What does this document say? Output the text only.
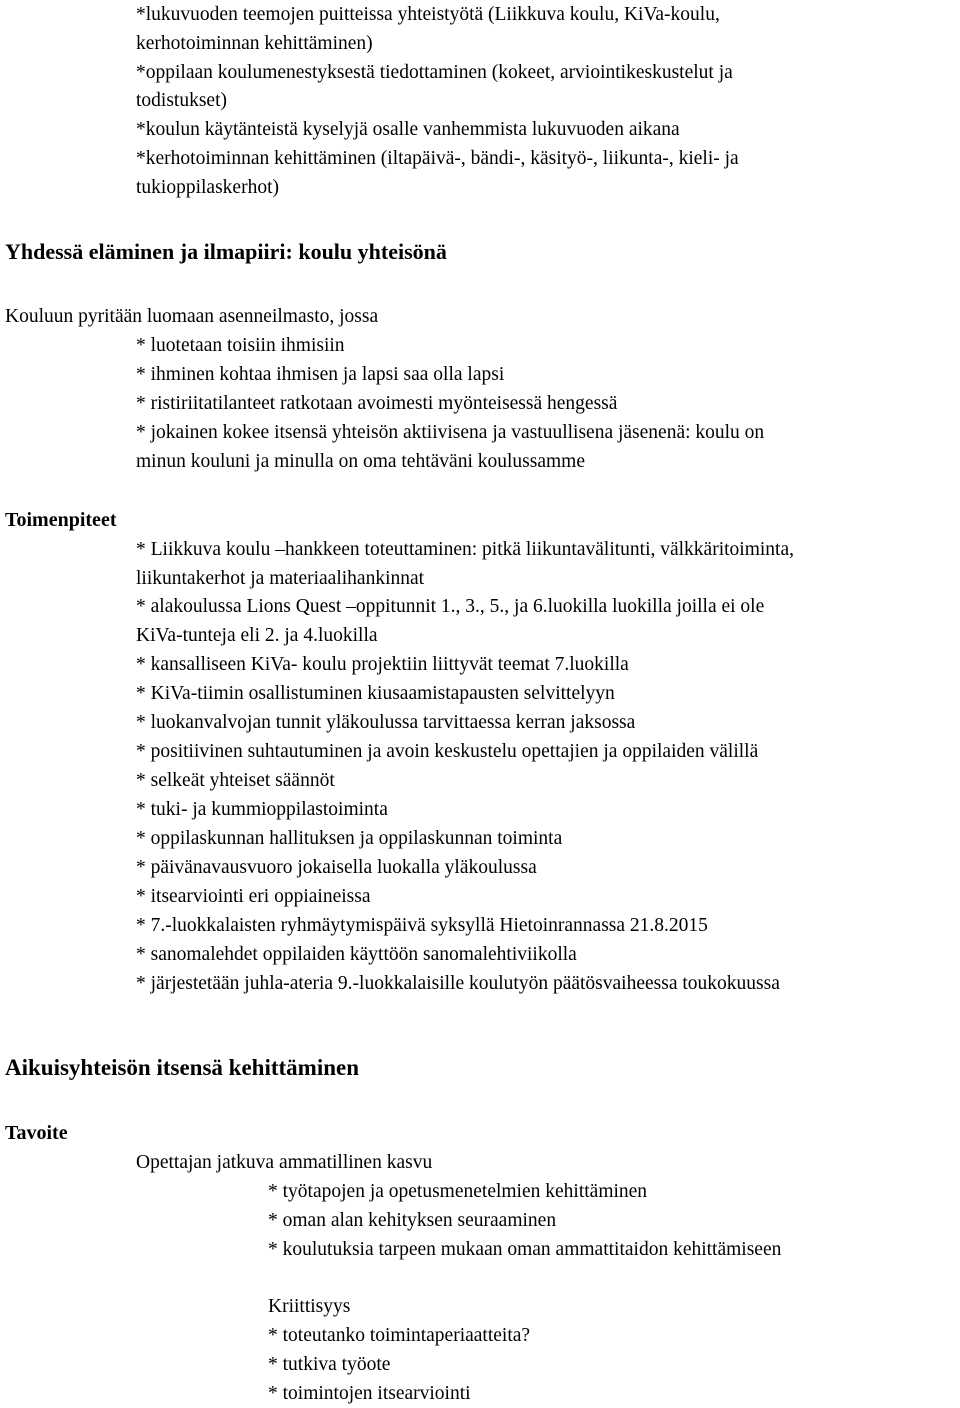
*lukuvuoden teemojen puitteissa yhteistyötä (Liikkuva koulu, KiVa-koulu,
kerhotoiminnan kehittäminen)
*oppilaan koulumenestyksestä tiedottaminen (kokeet, arviointikeskustelut ja
todistukset)
*koulun käytänteistä kyselyjä osalle vanhemmista lukuvuoden aikana
*kerhotoiminnan kehittäminen (iltapäivä-, bändi-, käsityö-, liikunta-, kieli- ja
tukioppilaskerhot)
Yhdessä eläminen ja ilmapiiri: koulu yhteisönä
Kouluun pyritään luomaan asenneilmasto, jossa
* luotetaan toisiin ihmisiin
* ihminen kohtaa ihmisen ja lapsi saa olla lapsi
* ristiriitatilanteet ratkotaan avoimesti myönteisessä hengessä
* jokainen kokee itsensä yhteisön aktiivisena ja vastuullisena jäsenenä: koulu on
minun kouluni ja minulla on oma tehtäväni koulussamme
Toimenpiteet
* Liikkuva koulu –hankkeen toteuttaminen: pitkä liikuntavälitunti, välkkäritoiminta,
liikuntakerhot ja materiaalihankinnat
* alakoulussa Lions Quest –oppitunnit 1., 3., 5., ja 6.luokilla luokilla joilla ei ole
KiVa-tunteja eli 2. ja 4.luokilla
* kansalliseen KiVa- koulu projektiin liittyvät teemat 7.luokilla
* KiVa-tiimin osallistuminen kiusaamistapausten selvittelyyn
* luokanvalvojan tunnit yläkoulussa tarvittaessa kerran jaksossa
* positiivinen suhtautuminen ja avoin keskustelu opettajien ja oppilaiden välillä
* selkeät yhteiset säännöt
* tuki- ja kummioppilastoiminta
* oppilaskunnan hallituksen ja oppilaskunnan toiminta
* päivänavausvuoro jokaisella luokalla yläkoulussa
* itsearviointi eri oppiaineissa
* 7.-luokkalaisten ryhmäytymispäivä syksyllä Hietoinrannassa 21.8.2015
* sanomalehdet oppilaiden käyttöön sanomalehtiviikolla
* järjestetään juhla-ateria 9.-luokkalaisille koulutyön päätösvaiheessa toukokuussa
Aikuisyhteisön itsensä kehittäminen
Tavoite
Opettajan jatkuva ammatillinen kasvu
* työtapojen ja opetusmenetelmien kehittäminen
* oman alan kehityksen seuraaminen
* koulutuksia tarpeen mukaan oman ammattitaidon kehittämiseen
Kriittisyys
* toteutanko toimintaperiaatteita?
* tutkiva työote
* toimintojen itsearviointi
